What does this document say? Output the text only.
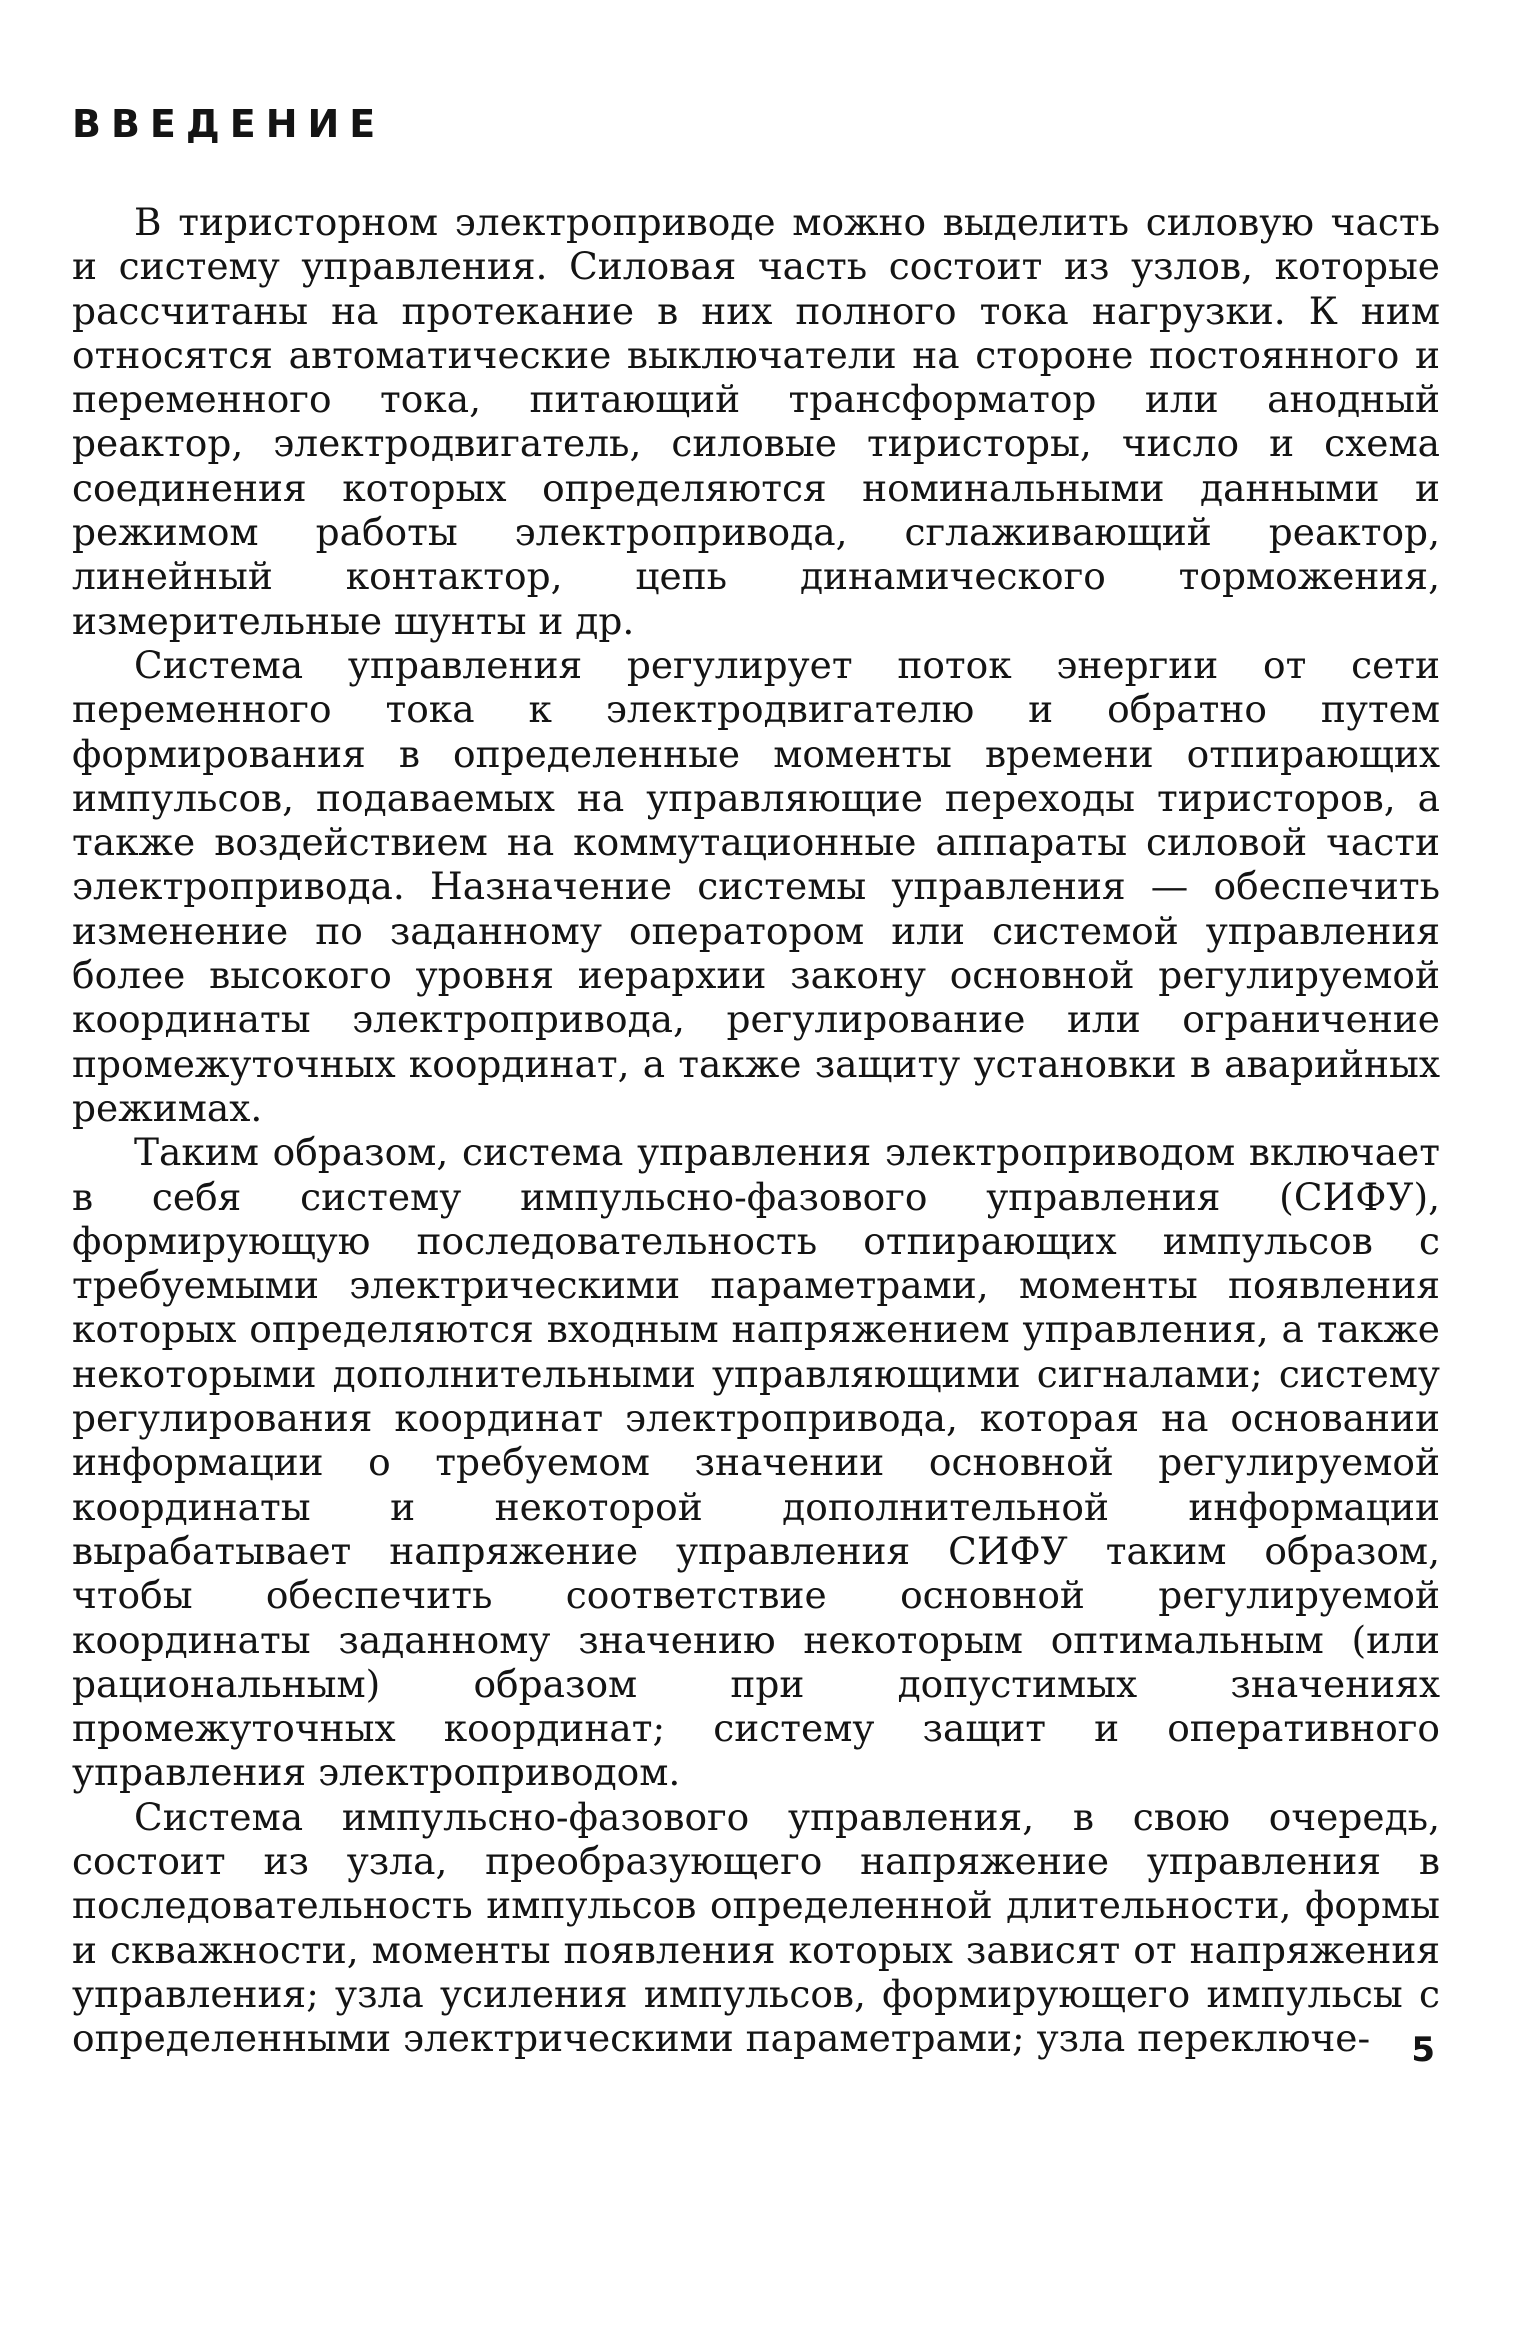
ВВЕДЕНИЕ

В тиристорном электроприводе можно выделить силовую часть и систему управления. Силовая часть состоит из узлов, которые рассчитаны на протекание в них полного тока нагрузки. К ним относятся автоматические выключатели на стороне постоянного и переменного тока, питающий трансформатор или анодный реактор, электродвигатель, силовые тиристоры, число и схема соединения которых определяются номинальными данными и режимом работы электропривода, сглаживающий реактор, линейный контактор, цепь динамического торможения, измерительные шунты и др.

Система управления регулирует поток энергии от сети переменного тока к электродвигателю и обратно путем формирования в определенные моменты времени отпирающих импульсов, подаваемых на управляющие переходы тиристоров, а также воздействием на коммутационные аппараты силовой части электропривода. Назначение системы управления — обеспечить изменение по заданному оператором или системой управления более высокого уровня иерархии закону основной регулируемой координаты электропривода, регулирование или ограничение промежуточных координат, а также защиту установки в аварийных режимах.

Таким образом, система управления электроприводом включает в себя систему импульсно-фазового управления (СИФУ), формирующую последовательность отпирающих импульсов с требуемыми электрическими параметрами, моменты появления которых определяются входным напряжением управления, а также некоторыми дополнительными управляющими сигналами; систему регулирования координат электропривода, которая на основании информации о требуемом значении основной регулируемой координаты и некоторой дополнительной информации вырабатывает напряжение управления СИФУ таким образом, чтобы обеспечить соответствие основной регулируемой координаты заданному значению некоторым оптимальным (или рациональным) образом при допустимых значениях промежуточных координат; систему защит и оперативного управления электроприводом.

Система импульсно-фазового управления, в свою очередь, состоит из узла, преобразующего напряжение управления в последовательность импульсов определенной длительности, формы и скважности, моменты появления которых зависят от напряжения управления; узла усиления импульсов, формирующего импульсы с определенными электрическими параметрами; узла переключе-	5
